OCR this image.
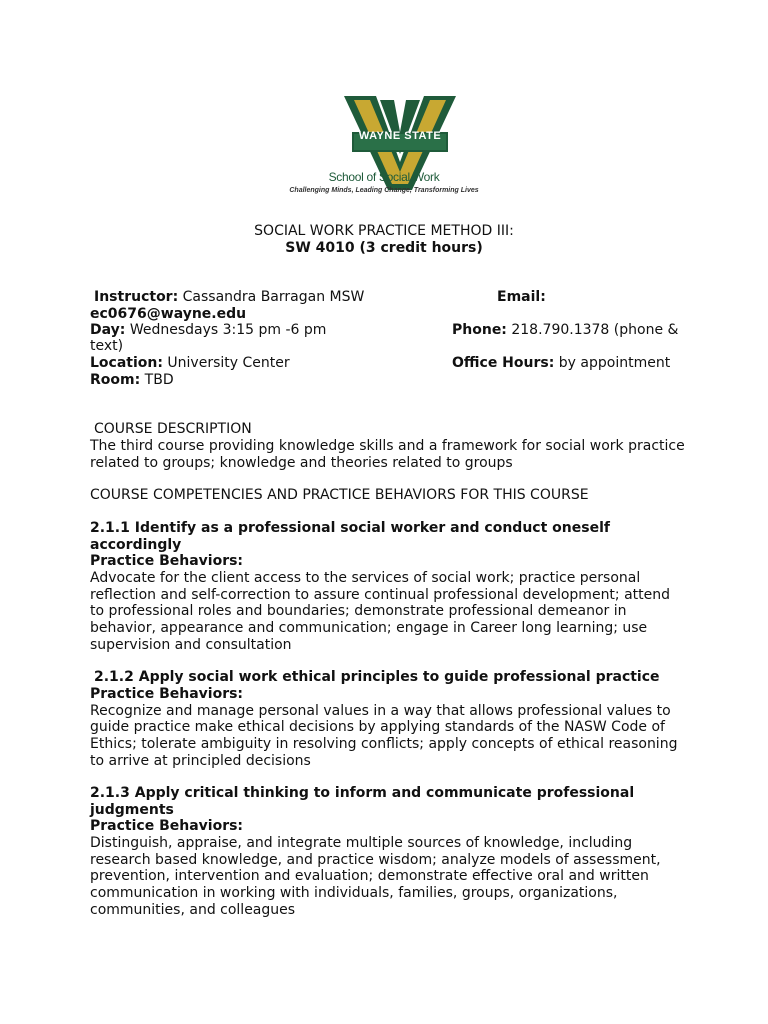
WAYNE STATE
School of Social Work
Challenging Minds, Leading Change, Transforming Lives
SOCIAL WORK PRACTICE METHOD III:
SW 4010 (3 credit hours)
Instructor: Cassandra Barragan MSW	Email:
ec0676@wayne.edu
Day: Wednesdays 3:15 pm -6 pm	Phone: 218.790.1378 (phone &
text)
Location: University Center	Office Hours: by appointment
Room: TBD
COURSE DESCRIPTION
The third course providing knowledge skills and a framework for social work practice
related to groups; knowledge and theories related to groups
COURSE COMPETENCIES AND PRACTICE BEHAVIORS FOR THIS COURSE
2.1.1 Identify as a professional social worker and conduct oneself
accordingly
Practice Behaviors:
Advocate for the client access to the services of social work; practice personal
reflection and self-correction to assure continual professional development; attend
to professional roles and boundaries; demonstrate professional demeanor in
behavior, appearance and communication; engage in Career long learning; use
supervision and consultation
2.1.2 Apply social work ethical principles to guide professional practice
Practice Behaviors:
Recognize and manage personal values in a way that allows professional values to
guide practice make ethical decisions by applying standards of the NASW Code of
Ethics; tolerate ambiguity in resolving conflicts; apply concepts of ethical reasoning
to arrive at principled decisions
2.1.3 Apply critical thinking to inform and communicate professional
judgments
Practice Behaviors:
Distinguish, appraise, and integrate multiple sources of knowledge, including
research based knowledge, and practice wisdom; analyze models of assessment,
prevention, intervention and evaluation; demonstrate effective oral and written
communication in working with individuals, families, groups, organizations,
communities, and colleagues
